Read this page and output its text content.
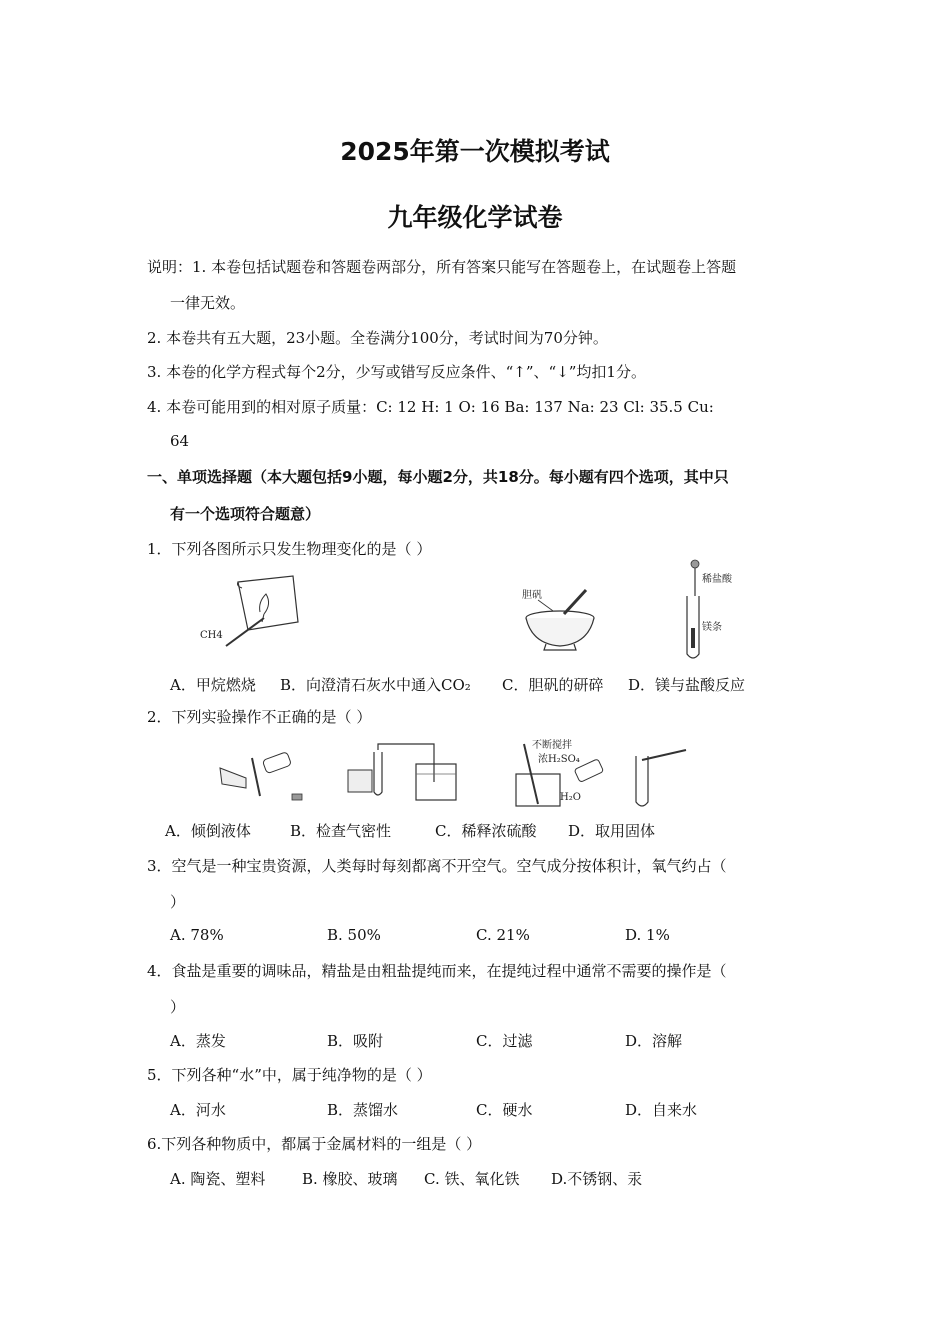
2025年第一次模拟考试
九年级化学试卷
说明：1. 本卷包括试题卷和答题卷两部分，所有答案只能写在答题卷上，在试题卷上答题
一律无效。
2. 本卷共有五大题，23小题。全卷满分100分，考试时间为70分钟。
3. 本卷的化学方程式每个2分，少写或错写反应条件、“↑”、“↓”均扣1分。
4. 本卷可能用到的相对原子质量：C: 12 H: 1 O: 16 Ba: 137 Na: 23 Cl: 35.5 Cu:
64
一、单项选择题（本大题包括9小题，每小题2分，共18分。每小题有四个选项，其中只
有一个选项符合题意）
1．下列各图所示只发生物理变化的是（ ）
CH4
胆矾
稀盐酸
镁条
A．甲烷燃烧 B．向澄清石灰水中通入CO₂ C．胆矾的研碎 D．镁与盐酸反应
2．下列实验操作不正确的是（ ）
不断搅拌
浓H₂SO₄
H₂O
A．倾倒液体	B．检查气密性	C．稀释浓硫酸 D．取用固体
3．空气是一种宝贵资源，人类每时每刻都离不开空气。空气成分按体积计，氧气约占（
）
A. 78%	B. 50%	C. 21%	D. 1%
4．食盐是重要的调味品，精盐是由粗盐提纯而来，在提纯过程中通常不需要的操作是（
）
A．蒸发	B．吸附	C．过滤	D．溶解
5．下列各种“水”中，属于纯净物的是（ ）
A．河水	B．蒸馏水	C．硬水	D．自来水
6.下列各种物质中，都属于金属材料的一组是（ ）
A. 陶瓷、塑料 B. 橡胶、玻璃 C. 铁、氧化铁 D.不锈钢、汞
